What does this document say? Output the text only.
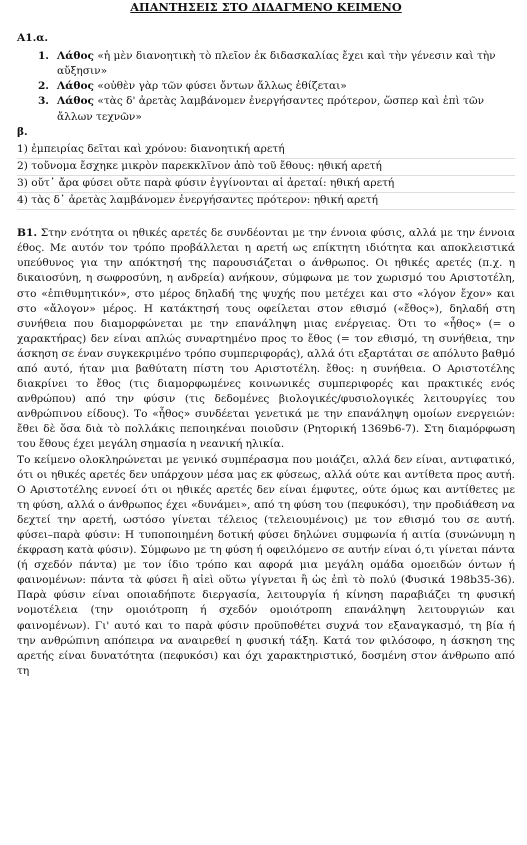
ΑΠΑΝΤΗΣΕΙΣ ΣΤΟ ΔΙΔΑΓΜΕΝΟ ΚΕΙΜΕΝΟ

Α1.α.

1. Λάθος «ἡ μὲν διανοητικὴ τὸ πλεῖον ἐκ διδασκαλίας ἔχει καὶ τὴν γένεσιν καὶ τὴν αὔξησιν»
2. Λάθος «οὐθὲν γὰρ τῶν φύσει ὄντων ἄλλως ἐθίζεται»
3. Λάθος «τὰς δ' ἀρετὰς λαμβάνομεν ἐνεργήσαντες πρότερον, ὥσπερ καὶ ἐπὶ τῶν ἄλλων τεχνῶν»

β.

1) ἐμπειρίας δεῖται καὶ χρόνου: διανοητική αρετή
2) τοὔνομα ἔσχηκε μικρὸν παρεκκλῖνον ἀπὸ τοῦ ἔθους: ηθική αρετή
3) οὔτ᾽ ἄρα φύσει οὔτε παρὰ φύσιν ἐγγίνονται αἱ ἀρεταί: ηθική αρετή
4) τὰς δ᾽ ἀρετὰς λαμβάνομεν ἐνεργήσαντες πρότερον: ηθική αρετή

Β1. Στην ενότητα οι ηθικές αρετές δε συνδέονται με την έννοια φύσις, αλλά με την έννοια έθος. Με αυτόν τον τρόπο προβάλλεται η αρετή ως επίκτητη ιδιότητα και αποκλειστικά υπεύθυνος για την απόκτησή της παρουσιάζεται ο άνθρωπος. Οι ηθικές αρετές (π.χ. η δικαιοσύνη, η σωφροσύνη, η ανδρεία) ανήκουν, σύμφωνα με τον χωρισμό του Αριστοτέλη, στο «ἐπιθυμητικόν», στο μέρος δηλαδή της ψυχής που μετέχει και στο «λόγον ἔχον» και στο «ἄλογον» μέρος. Η κατάκτησή τους οφείλεται στον εθισμό («ἔθος»), δηλαδή στη συνήθεια που διαμορφώνεται με την επανάληψη μιας ενέργειας. Ότι το «ἦθος» (= ο χαρακτήρας) δεν είναι απλώς συναρτημένο προς το ἔθος (= τον εθισμό, τη συνήθεια, την άσκηση σε έναν συγκεκριμένο τρόπο συμπεριφοράς), αλλά ότι εξαρτάται σε απόλυτο βαθμό από αυτό, ήταν μια βαθύτατη πίστη του Αριστοτέλη. ἔθος: η συνήθεια. Ο Αριστοτέλης διακρίνει το ἔθος (τις διαμορφωμένες κοινωνικές συμπεριφορές και πρακτικές ενός ανθρώπου) από την φύσιν (τις δεδομένες βιολογικές/φυσιολογικές λειτουργίες του ανθρώπινου είδους). Το «ἦθος» συνδέεται γενετικά με την επανάληψη ομοίων ενεργειών: ἔθει δὲ ὅσα διὰ τὸ πολλάκις πεποιηκέναι ποιοῦσιν (Ρητορική 1369b6-7). Στη διαμόρφωση του ἔθους έχει μεγάλη σημασία η νεανική ηλικία.

Το κείμενο ολοκληρώνεται με γενικό συμπέρασμα που μοιάζει, αλλά δεν είναι, αντιφατικό, ότι οι ηθικές αρετές δεν υπάρχουν μέσα μας εκ φύσεως, αλλά ούτε και αντίθετα προς αυτή. Ο Αριστοτέλης εννοεί ότι οι ηθικές αρετές δεν είναι έμφυτες, ούτε όμως και αντίθετες με τη φύση, αλλά ο άνθρωπος έχει «δυνάμει», από τη φύση του (πεφυκόσι), την προδιάθεση να δεχτεί την αρετή, ωστόσο γίνεται τέλειος (τελειουμένοις) με τον εθισμό του σε αυτή. φύσει–παρὰ φύσιν: Η τυποποιημένη δοτική φύσει δηλώνει συμφωνία ή αιτία (συνώνυμη η έκφραση κατὰ φύσιν). Σύμφωνο με τη φύση ή οφειλόμενο σε αυτήν είναι ό,τι γίνεται πάντα (ή σχεδόν πάντα) με τον ίδιο τρόπο και αφορά μια μεγάλη ομάδα ομοειδών όντων ή φαινομένων: πάντα τὰ φύσει ἢ αἰεὶ οὕτω γίγνεται ἢ ὡς ἐπὶ τὸ πολύ (Φυσικά 198b35-36). Παρὰ φύσιν είναι οποιαδήποτε διεργασία, λειτουργία ή κίνηση παραβιάζει τη φυσική νομοτέλεια (την ομοιότροπη ή σχεδόν ομοιότροπη επανάληψη λειτουργιών και φαινομένων). Γι' αυτό και το παρὰ φύσιν προϋποθέτει συχνά τον εξαναγκασμό, τη βία ή την ανθρώπινη απόπειρα να αναιρεθεί η φυσική τάξη. Κατά τον φιλόσοφο, η άσκηση της αρετής είναι δυνατότητα (πεφυκόσι) και όχι χαρακτηριστικό, δοσμένη στον άνθρωπο από τη
